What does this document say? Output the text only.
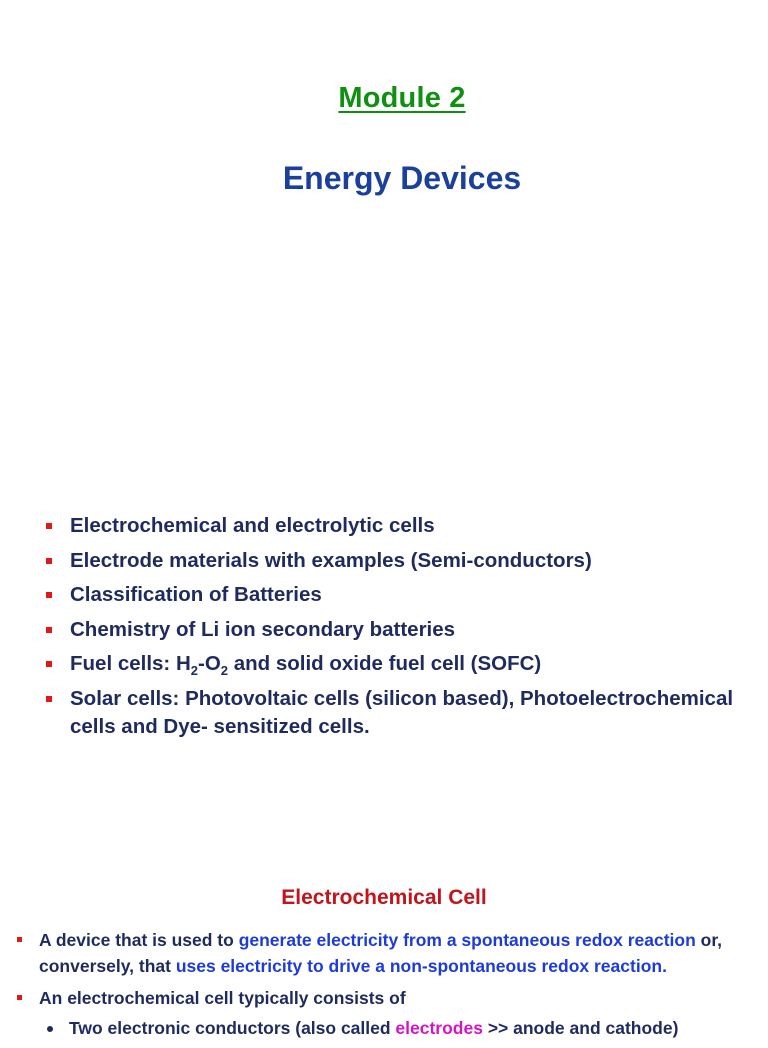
Module 2
Energy Devices
Electrochemical and electrolytic cells
Electrode materials with examples (Semi-conductors)
Classification of Batteries
Chemistry of Li ion secondary batteries
Fuel cells: $H_2-O_2$ and solid oxide fuel cell (SOFC)
Solar cells: Photovoltaic cells (silicon based), Photoelectrochemical cells and Dye- sensitized cells.
Electrochemical Cell
A device that is used to generate electricity from a spontaneous redox reaction or, conversely, that uses electricity to drive a non-spontaneous redox reaction.
An electrochemical cell typically consists of
Two electronic conductors (also called electrodes >> anode and cathode)
